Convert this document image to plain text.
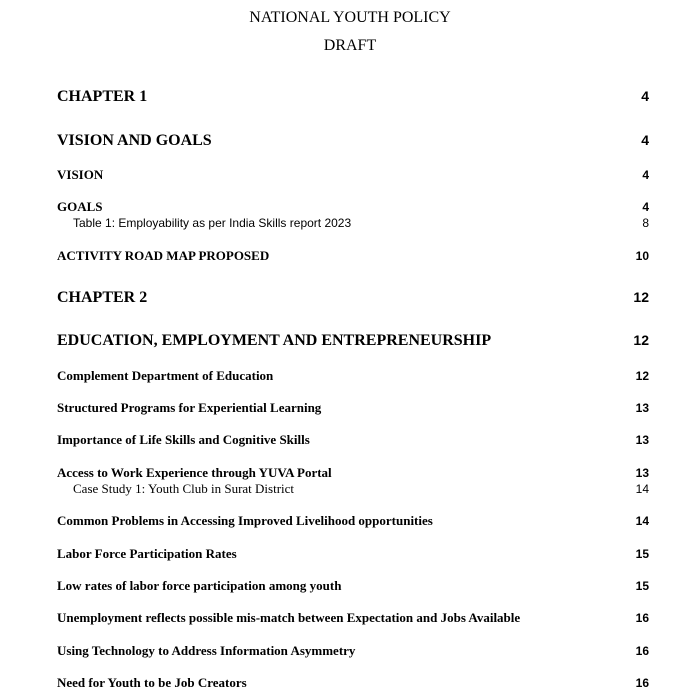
NATIONAL YOUTH POLICY
DRAFT
CHAPTER 1	4
VISION AND GOALS	4
VISION	4
GOALS	4
Table 1: Employability as per India Skills report 2023	8
ACTIVITY ROAD MAP PROPOSED	10
CHAPTER 2	12
EDUCATION, EMPLOYMENT AND ENTREPRENEURSHIP	12
Complement Department of Education	12
Structured Programs for Experiential Learning	13
Importance of Life Skills and Cognitive Skills	13
Access to Work Experience through YUVA Portal	13
Case Study 1: Youth Club in Surat District	14
Common Problems in Accessing Improved Livelihood opportunities	14
Labor Force Participation Rates	15
Low rates of labor force participation among youth	15
Unemployment reflects possible mis-match between Expectation and Jobs Available	16
Using Technology to Address Information Asymmetry	16
Need for Youth to be Job Creators	16
